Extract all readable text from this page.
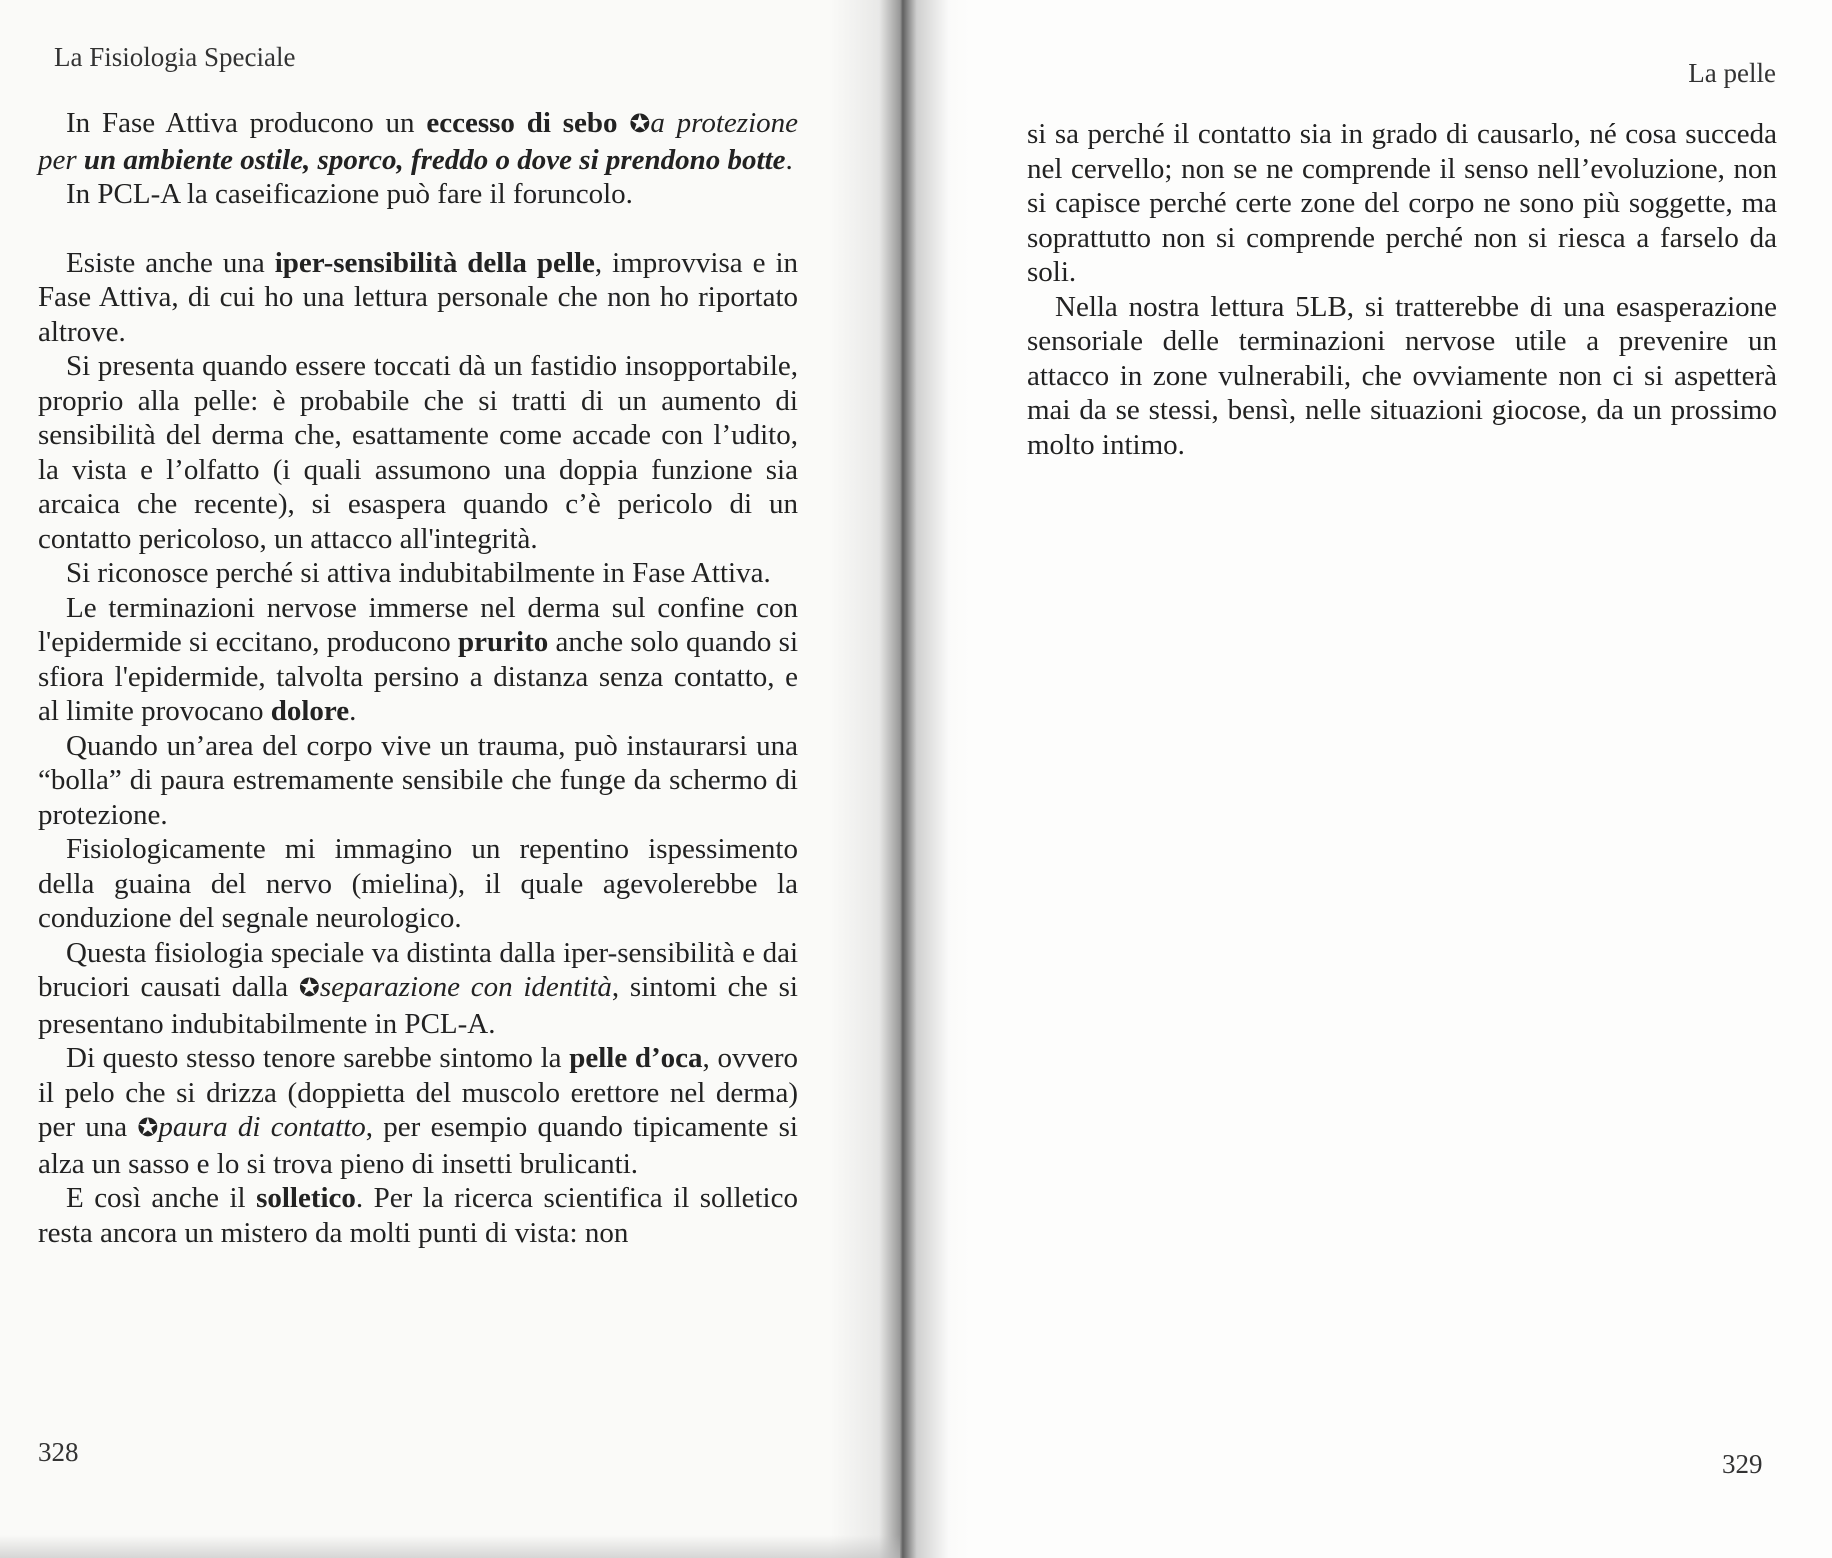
La Fisiologia Speciale
La pelle

In Fase Attiva producono un eccesso di sebo ✪a protezione per un ambiente ostile, sporco, freddo o dove si prendono botte.

In PCL-A la caseificazione può fare il foruncolo.

Esiste anche una iper-sensibilità della pelle, improvvisa e in Fase Attiva, di cui ho una lettura personale che non ho riportato altrove.

Si presenta quando essere toccati dà un fastidio insopportabile, proprio alla pelle: è probabile che si tratti di un aumento di sensibilità del derma che, esattamente come accade con l’udito, la vista e l’olfatto (i quali assumono una doppia funzione sia arcaica che recente), si esaspera quando c’è pericolo di un contatto pericoloso, un attacco all'integrità.

Si riconosce perché si attiva indubitabilmente in Fase Attiva.

Le terminazioni nervose immerse nel derma sul confine con l'epidermide si eccitano, producono prurito anche solo quando si sfiora l'epidermide, talvolta persino a distanza senza contatto, e al limite provocano dolore.

Quando un’area del corpo vive un trauma, può instaurarsi una “bolla” di paura estremamente sensibile che funge da schermo di protezione.

Fisiologicamente mi immagino un repentino ispessimento della guaina del nervo (mielina), il quale agevolerebbe la conduzione del segnale neurologico.

Questa fisiologia speciale va distinta dalla iper-sensibilità e dai bruciori causati dalla ✪separazione con identità, sintomi che si presentano indubitabilmente in PCL-A.

Di questo stesso tenore sarebbe sintomo la pelle d’oca, ovvero il pelo che si drizza (doppietta del muscolo erettore nel derma) per una ✪paura di contatto, per esempio quando tipicamente si alza un sasso e lo si trova pieno di insetti brulicanti.

E così anche il solletico. Per la ricerca scientifica il solletico resta ancora un mistero da molti punti di vista: non

si sa perché il contatto sia in grado di causarlo, né cosa succeda nel cervello; non se ne comprende il senso nell’evoluzione, non si capisce perché certe zone del corpo ne sono più soggette, ma soprattutto non si comprende perché non si riesca a farselo da soli.

Nella nostra lettura 5LB, si tratterebbe di una esasperazione sensoriale delle terminazioni nervose utile a prevenire un attacco in zone vulnerabili, che ovviamente non ci si aspetterà mai da se stessi, bensì, nelle situazioni giocose, da un prossimo molto intimo.

328	329
